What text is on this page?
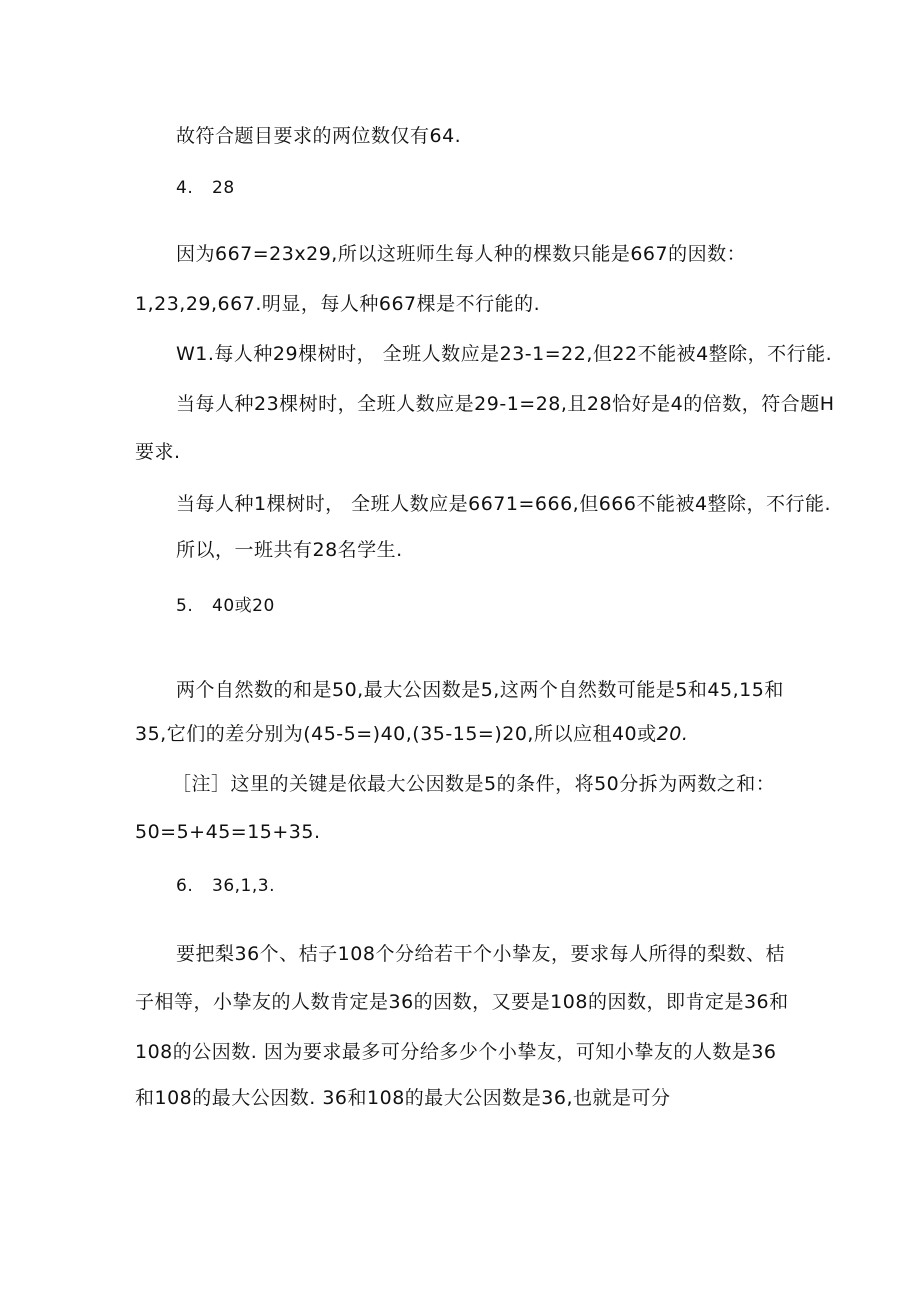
故符合题目要求的两位数仅有64.
4. 28
因为667=23x29,所以这班师生每人种的棵数只能是667的因数：
1,23,29,667.明显，每人种667棵是不行能的.
W1.每人种29棵树时， 全班人数应是23-1=22,但22不能被4整除，不行能.
当每人种23棵树时，全班人数应是29-1=28,且28恰好是4的倍数，符合题H
要求.
当每人种1棵树时， 全班人数应是6671=666,但666不能被4整除，不行能.
所以，一班共有28名学生.
5. 40或20
两个自然数的和是50,最大公因数是5,这两个自然数可能是5和45,15和
35,它们的差分别为(45-5=)40,(35-15=)20,所以应租40或20.
［注］这里的关键是依最大公因数是5的条件，将50分拆为两数之和：
50=5+45=15+35.
6. 36,1,3.
要把梨36个、桔子108个分给若干个小挚友，要求每人所得的梨数、桔
子相等，小挚友的人数肯定是36的因数，又要是108的因数，即肯定是36和
108的公因数. 因为要求最多可分给多少个小挚友，可知小挚友的人数是36
和108的最大公因数. 36和108的最大公因数是36,也就是可分
